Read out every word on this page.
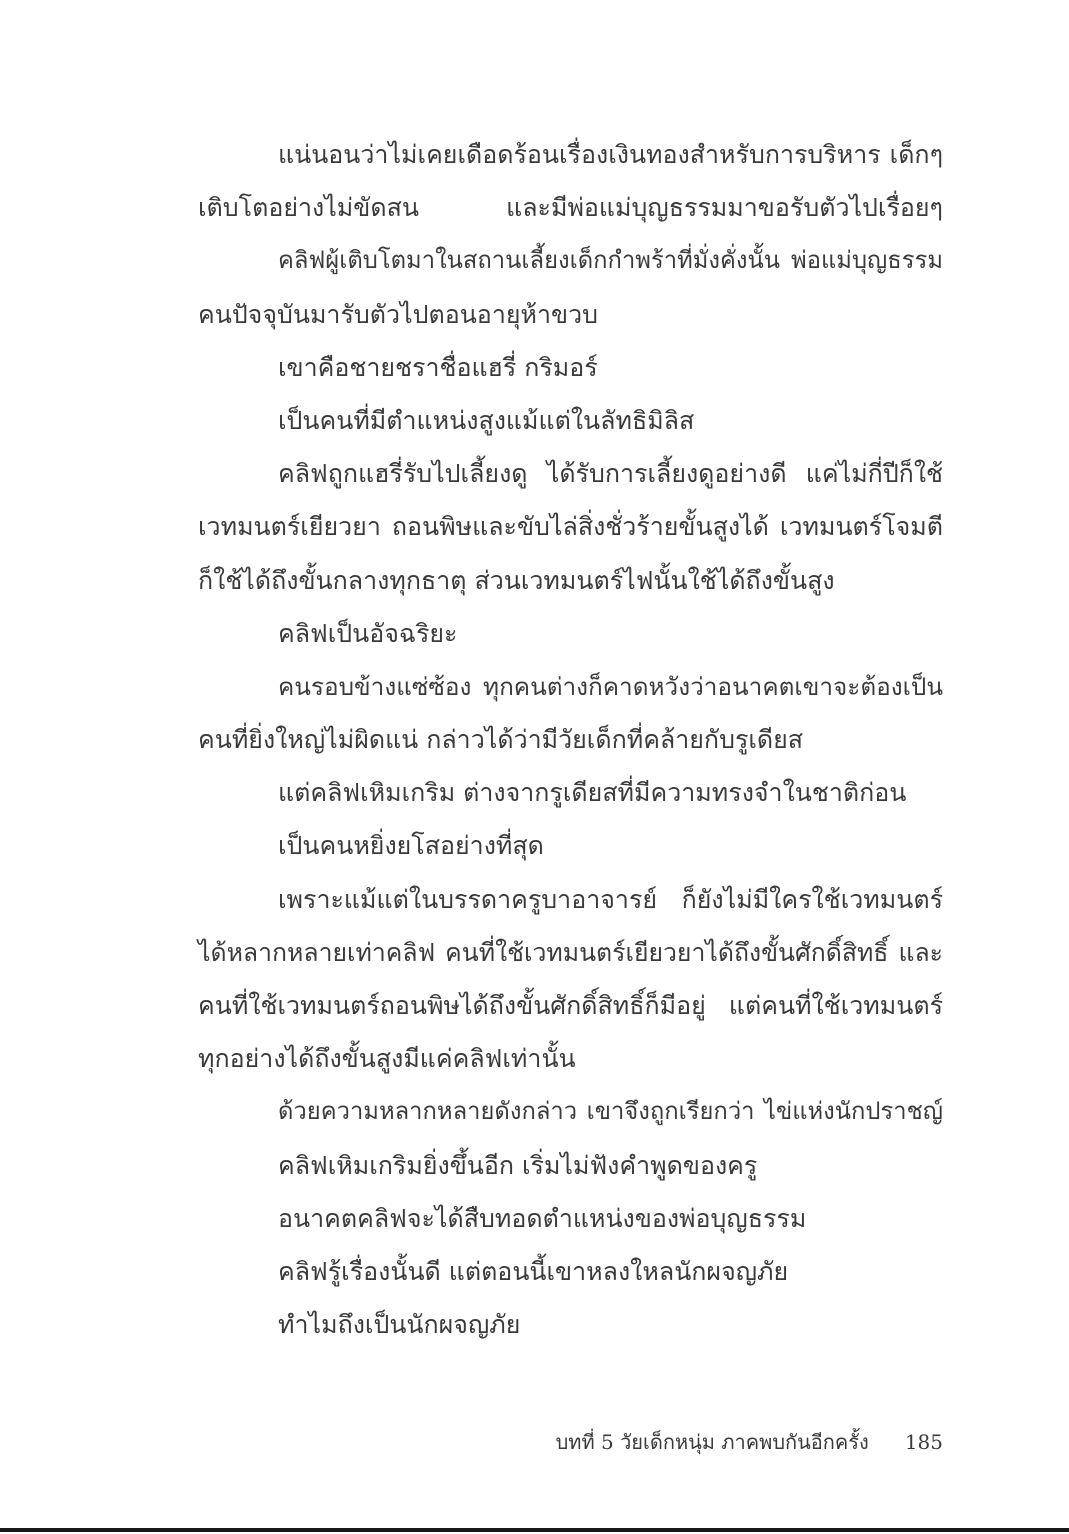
แน่นอนว่าไม่เคยเดือดร้อนเรื่องเงินทองสำหรับการบริหาร เด็กๆ
เติบโตอย่างไม่ขัดสน และมีพ่อแม่บุญธรรมมาขอรับตัวไปเรื่อยๆ
คลิฟผู้เติบโตมาในสถานเลี้ยงเด็กกำพร้าที่มั่งคั่งนั้น พ่อแม่บุญธรรม
คนปัจจุบันมารับตัวไปตอนอายุห้าขวบ
เขาคือชายชราชื่อแฮรี่ กริมอร์
เป็นคนที่มีตำแหน่งสูงแม้แต่ในลัทธิมิลิส
คลิฟถูกแฮรี่รับไปเลี้ยงดู ได้รับการเลี้ยงดูอย่างดี แค่ไม่กี่ปีก็ใช้
เวทมนตร์เยียวยา ถอนพิษและขับไล่สิ่งชั่วร้ายขั้นสูงได้ เวทมนตร์โจมตี
ก็ใช้ได้ถึงขั้นกลางทุกธาตุ ส่วนเวทมนตร์ไฟนั้นใช้ได้ถึงขั้นสูง
คลิฟเป็นอัจฉริยะ
คนรอบข้างแซ่ซ้อง ทุกคนต่างก็คาดหวังว่าอนาคตเขาจะต้องเป็น
คนที่ยิ่งใหญ่ไม่ผิดแน่ กล่าวได้ว่ามีวัยเด็กที่คล้ายกับรูเดียส
แต่คลิฟเหิมเกริม ต่างจากรูเดียสที่มีความทรงจำในชาติก่อน
เป็นคนหยิ่งยโสอย่างที่สุด
เพราะแม้แต่ในบรรดาครูบาอาจารย์ ก็ยังไม่มีใครใช้เวทมนตร์
ได้หลากหลายเท่าคลิฟ คนที่ใช้เวทมนตร์เยียวยาได้ถึงขั้นศักดิ์สิทธิ์ และ
คนที่ใช้เวทมนตร์ถอนพิษได้ถึงขั้นศักดิ์สิทธิ์ก็มีอยู่ แต่คนที่ใช้เวทมนตร์
ทุกอย่างได้ถึงขั้นสูงมีแค่คลิฟเท่านั้น
ด้วยความหลากหลายดังกล่าว เขาจึงถูกเรียกว่า ไข่แห่งนักปราชญ์
คลิฟเหิมเกริมยิ่งขึ้นอีก เริ่มไม่ฟังคำพูดของครู
อนาคตคลิฟจะได้สืบทอดตำแหน่งของพ่อบุญธรรม
คลิฟรู้เรื่องนั้นดี แต่ตอนนี้เขาหลงใหลนักผจญภัย
ทำไมถึงเป็นนักผจญภัย
บทที่ 5 วัยเด็กหนุ่ม ภาคพบกันอีกครั้ง 185
